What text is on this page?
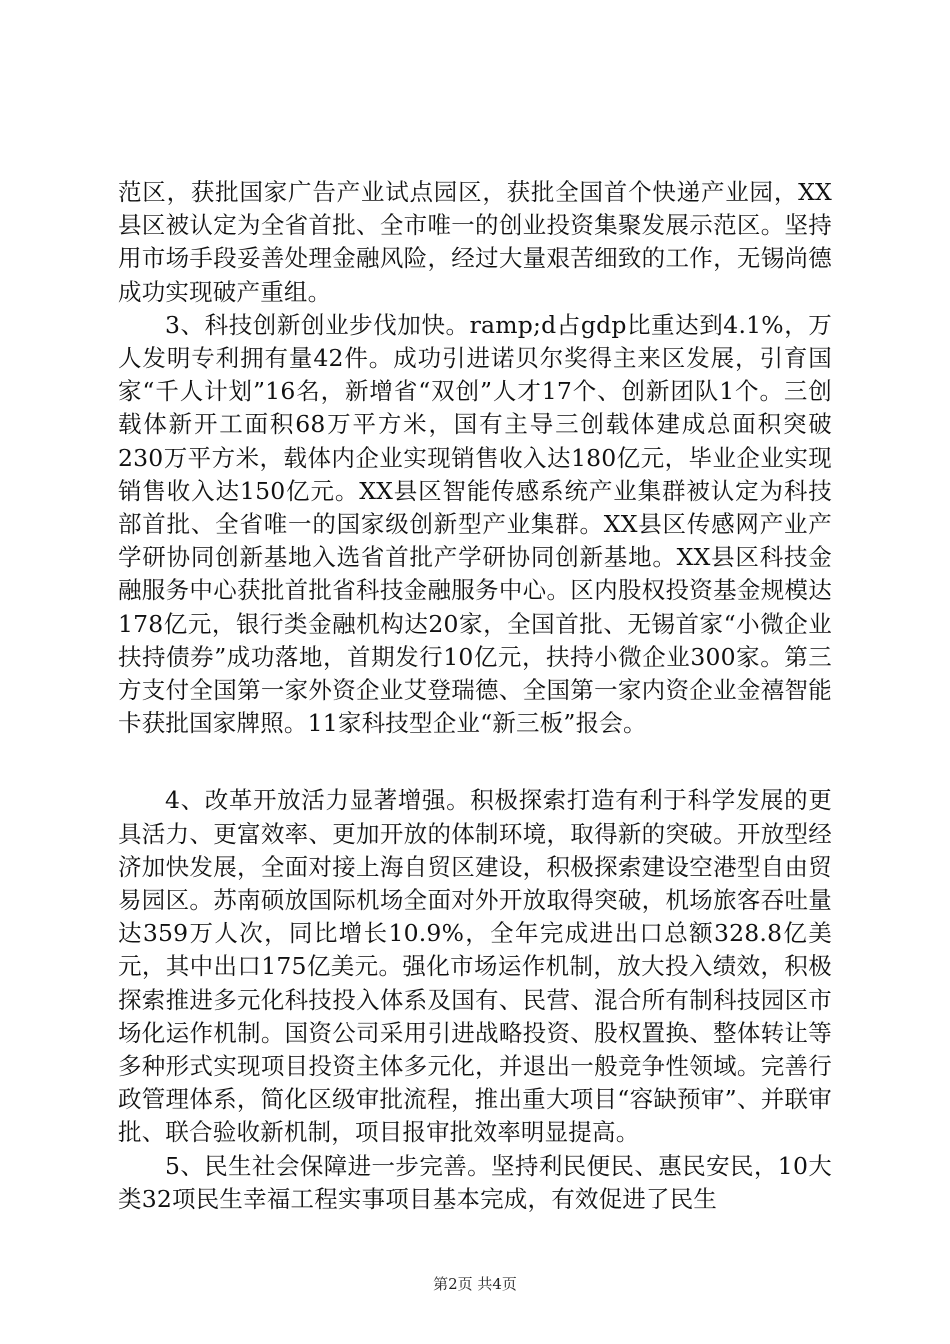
范区，获批国家广告产业试点园区，获批全国首个快递产业园，XX县区被认定为全省首批、全市唯一的创业投资集聚发展示范区。坚持用市场手段妥善处理金融风险，经过大量艰苦细致的工作，无锡尚德成功实现破产重组。

3、科技创新创业步伐加快。ramp;d占gdp比重达到4.1%，万人发明专利拥有量42件。成功引进诺贝尔奖得主来区发展，引育国家“千人计划”16名，新增省“双创”人才17个、创新团队1个。三创载体新开工面积68万平方米，国有主导三创载体建成总面积突破230万平方米，载体内企业实现销售收入达180亿元，毕业企业实现销售收入达150亿元。XX县区智能传感系统产业集群被认定为科技部首批、全省唯一的国家级创新型产业集群。XX县区传感网产业产学研协同创新基地入选省首批产学研协同创新基地。XX县区科技金融服务中心获批首批省科技金融服务中心。区内股权投资基金规模达178亿元，银行类金融机构达20家，全国首批、无锡首家“小微企业扶持债券”成功落地，首期发行10亿元，扶持小微企业300家。第三方支付全国第一家外资企业艾登瑞德、全国第一家内资企业金禧智能卡获批国家牌照。11家科技型企业“新三板”报会。

4、改革开放活力显著增强。积极探索打造有利于科学发展的更具活力、更富效率、更加开放的体制环境，取得新的突破。开放型经济加快发展，全面对接上海自贸区建设，积极探索建设空港型自由贸易园区。苏南硕放国际机场全面对外开放取得突破，机场旅客吞吐量达359万人次，同比增长10.9%，全年完成进出口总额328.8亿美元，其中出口175亿美元。强化市场运作机制，放大投入绩效，积极探索推进多元化科技投入体系及国有、民营、混合所有制科技园区市场化运作机制。国资公司采用引进战略投资、股权置换、整体转让等多种形式实现项目投资主体多元化，并退出一般竞争性领域。完善行政管理体系，简化区级审批流程，推出重大项目“容缺预审”、并联审批、联合验收新机制，项目报审批效率明显提高。

5、民生社会保障进一步完善。坚持利民便民、惠民安民，10大类32项民生幸福工程实事项目基本完成，有效促进了民生

第2页 共4页
